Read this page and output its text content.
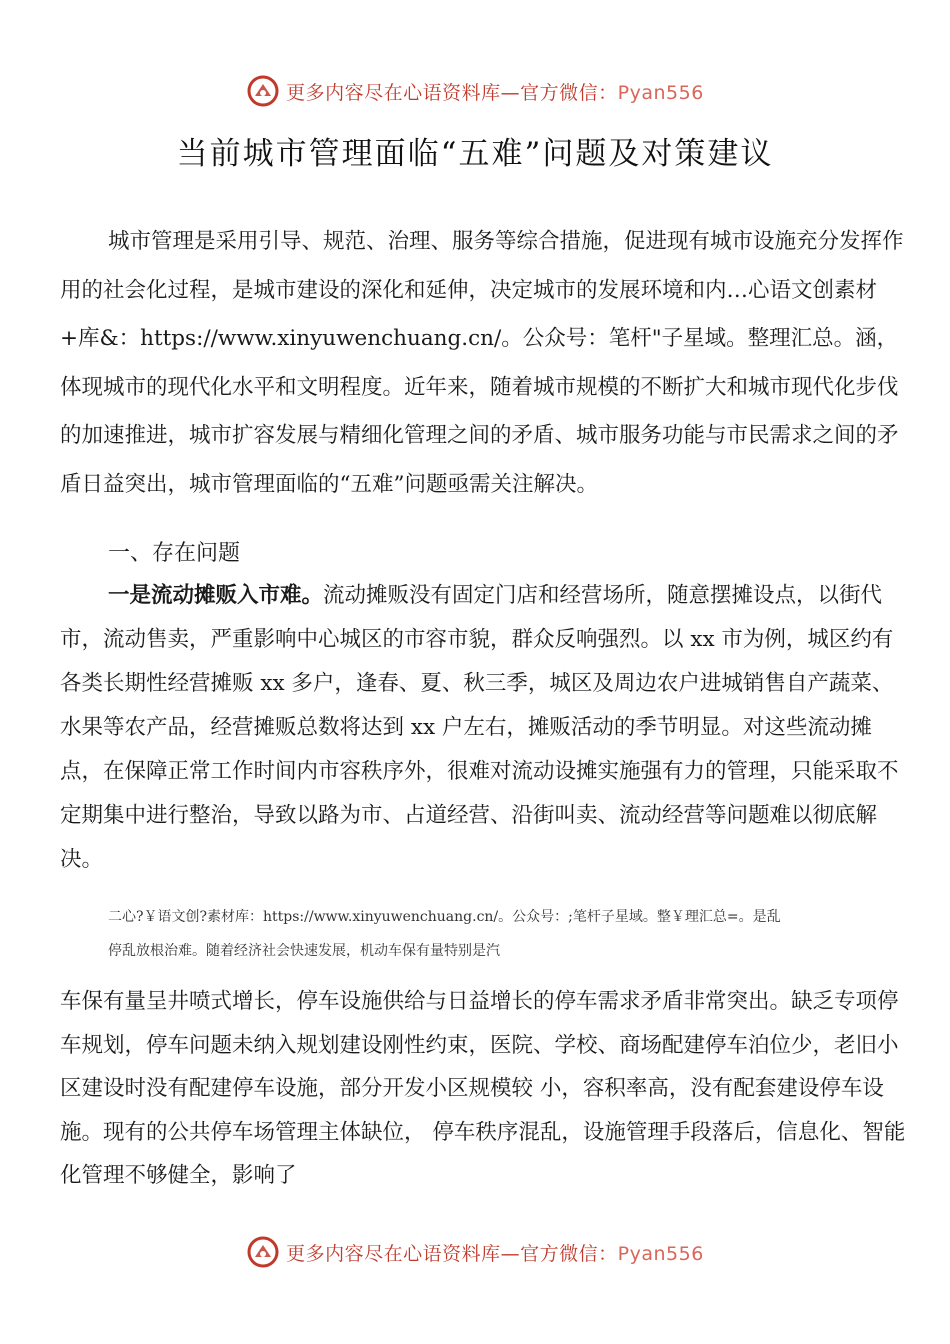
更多内容尽在心语资料库—官方微信：Pyan556
当前城市管理面临“五难”问题及对策建议
城市管理是采用引导、规范、治理、服务等综合措施，促进现有城市设施充分发挥作用的社会化过程，是城市建设的深化和延伸，决定城市的发展环境和内…心语文创素材+库&：https://www.xinyuwenchuang.cn/。公众号：笔杆"子星域。整理汇总。涵，体现城市的现代化水平和文明程度。近年来，随着城市规模的不断扩大和城市现代化步伐的加速推进，城市扩容发展与精细化管理之间的矛盾、城市服务功能与市民需求之间的矛盾日益突出，城市管理面临的“五难”问题亟需关注解决。
一、存在问题
一是流动摊贩入市难。流动摊贩没有固定门店和经营场所，随意摆摊设点，以街代市，流动售卖，严重影响中心城区的市容市貌，群众反响强烈。以 xx 市为例，城区约有各类长期性经营摊贩 xx 多户，逢春、夏、秋三季，城区及周边农户进城销售自产蔬菜、水果等农产品，经营摊贩总数将达到 xx 户左右，摊贩活动的季节明显。对这些流动摊点，在保障正常工作时间内市容秩序外，很难对流动设摊实施强有力的管理，只能采取不定期集中进行整治，导致以路为市、占道经营、沿街叫卖、流动经营等问题难以彻底解决。
二心?￥语文创?素材库：https://www.xinyuwenchuang.cn/。公众号：;笔杆子星域。整￥理汇总=。是乱
停乱放根治难。随着经济社会快速发展，机动车保有量特别是汽
车保有量呈井喷式增长，停车设施供给与日益增长的停车需求矛盾非常突出。缺乏专项停车规划，停车问题未纳入规划建设刚性约束，医院、学校、商场配建停车泊位少，老旧小区建设时没有配建停车设施，部分开发小区规模较 小，容积率高，没有配套建设停车设施。现有的公共停车场管理主体缺位， 停车秩序混乱，设施管理手段落后，信息化、智能化管理不够健全，影响了
更多内容尽在心语资料库—官方微信：Pyan556
